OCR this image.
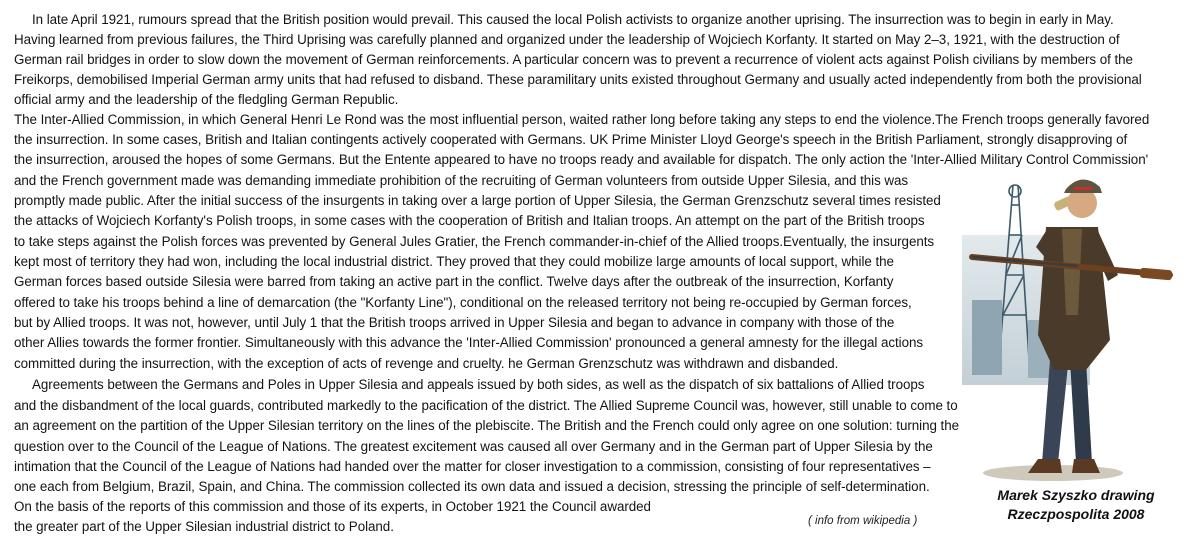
In late April 1921, rumours spread that the British position would prevail. This caused the local Polish activists to organize another uprising. The insurrection was to begin in early in May.
Having learned from previous failures, the Third Uprising was carefully planned and organized under the leadership of Wojciech Korfanty. It started on May 2–3, 1921, with the destruction of
German rail bridges in order to slow down the movement of German reinforcements. A particular concern was to prevent a recurrence of violent acts against Polish civilians by members of the
Freikorps, demobilised Imperial German army units that had refused to disband. These paramilitary units existed throughout Germany and usually acted independently from both the provisional
official army and the leadership of the fledgling German Republic.
The Inter-Allied Commission, in which General Henri Le Rond was the most influential person, waited rather long before taking any steps to end the violence.The French troops generally favored
the insurrection. In some cases, British and Italian contingents actively cooperated with Germans. UK Prime Minister Lloyd George's speech in the British Parliament, strongly disapproving of
the insurrection, aroused the hopes of some Germans. But the Entente appeared to have no troops ready and available for dispatch. The only action the 'Inter-Allied Military Control Commission'
and the French government made was demanding immediate prohibition of the recruiting of German volunteers from outside Upper Silesia, and this was
promptly made public. After the initial success of the insurgents in taking over a large portion of Upper Silesia, the German Grenzschutz several times resisted
the attacks of Wojciech Korfanty's Polish troops, in some cases with the cooperation of British and Italian troops. An attempt on the part of the British troops
to take steps against the Polish forces was prevented by General Jules Gratier, the French commander-in-chief of the Allied troops.Eventually, the insurgents
kept most of territory they had won, including the local industrial district. They proved that they could mobilize large amounts of local support, while the
German forces based outside Silesia were barred from taking an active part in the conflict. Twelve days after the outbreak of the insurrection, Korfanty
offered to take his troops behind a line of demarcation (the "Korfanty Line"), conditional on the released territory not being re-occupied by German forces,
but by Allied troops. It was not, however, until July 1 that the British troops arrived in Upper Silesia and began to advance in company with those of the
other Allies towards the former frontier. Simultaneously with this advance the 'Inter-Allied Commission' pronounced a general amnesty for the illegal actions
committed during the insurrection, with the exception of acts of revenge and cruelty. he German Grenzschutz was withdrawn and disbanded.
Agreements between the Germans and Poles in Upper Silesia and appeals issued by both sides, as well as the dispatch of six battalions of Allied troops
and the disbandment of the local guards, contributed markedly to the pacification of the district. The Allied Supreme Council was, however, still unable to come to
an agreement on the partition of the Upper Silesian territory on the lines of the plebiscite. The British and the French could only agree on one solution: turning the
question over to the Council of the League of Nations. The greatest excitement was caused all over Germany and in the German part of Upper Silesia by the
intimation that the Council of the League of Nations had handed over the matter for closer investigation to a commission, consisting of four representatives –
one each from Belgium, Brazil, Spain, and China. The commission collected its own data and issued a decision, stressing the principle of self-determination.
On the basis of the reports of this commission and those of its experts, in October 1921 the Council awarded
the greater part of the Upper Silesian industrial district to Poland.
Marek Szyszko drawing
Rzeczpospolita 2008
( info from wikipedia )
